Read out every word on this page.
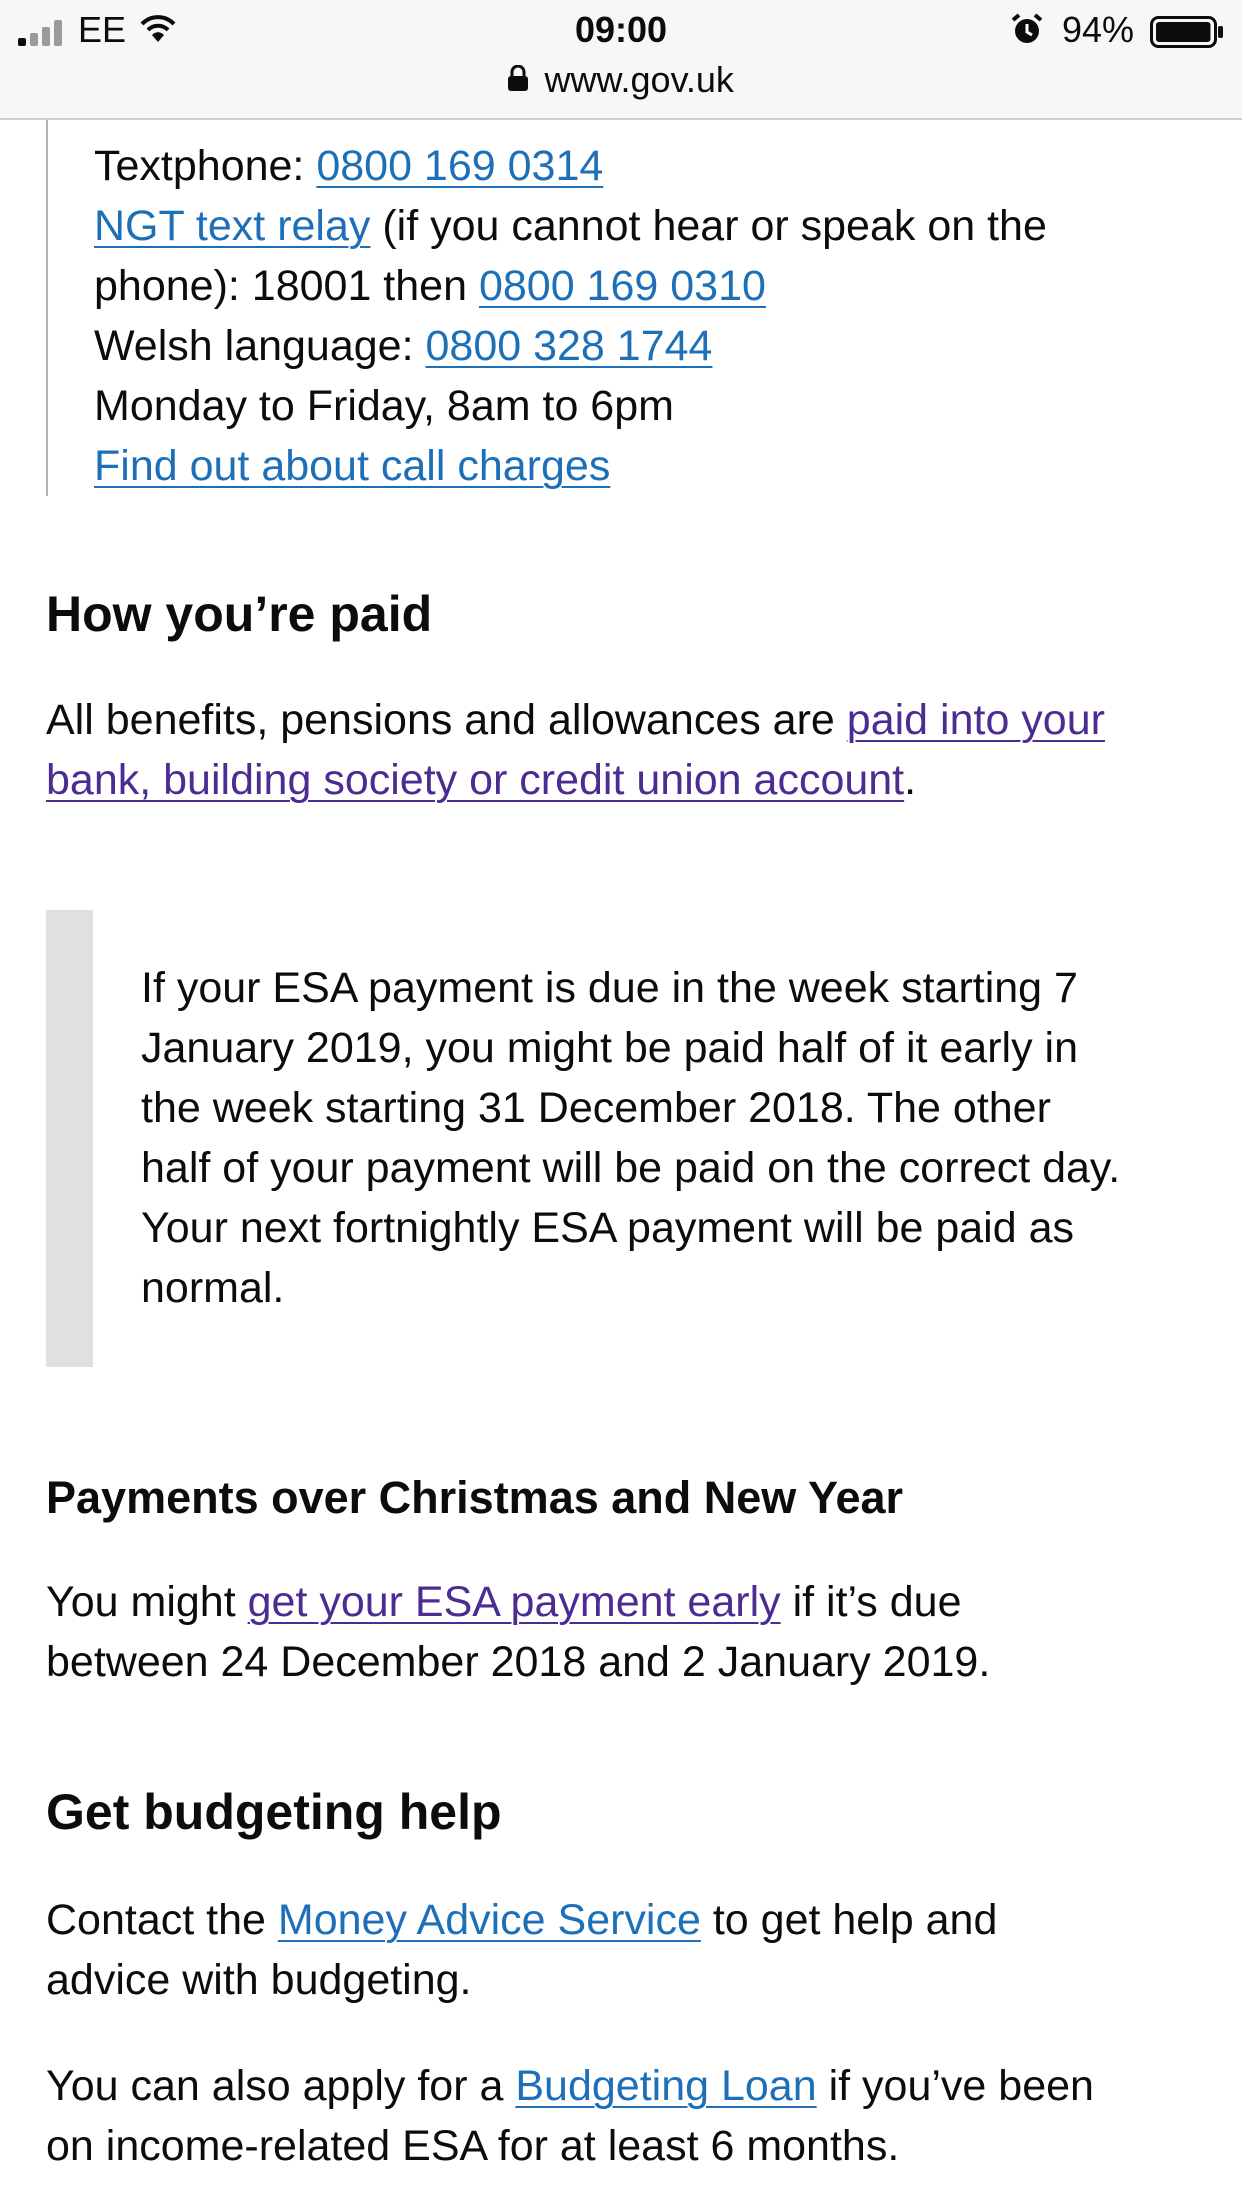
EE	09:00	94%
www.gov.uk
Textphone: 0800 169 0314
NGT text relay (if you cannot hear or speak on the
phone): 18001 then 0800 169 0310
Welsh language: 0800 328 1744
Monday to Friday, 8am to 6pm
Find out about call charges
How you’re paid

All benefits, pensions and allowances are paid into your
bank, building society or credit union account.

If your ESA payment is due in the week starting 7
January 2019, you might be paid half of it early in
the week starting 31 December 2018. The other
half of your payment will be paid on the correct day.
Your next fortnightly ESA payment will be paid as
normal.
Payments over Christmas and New Year

You might get your ESA payment early if it’s due
between 24 December 2018 and 2 January 2019.

Get budgeting help

Contact the Money Advice Service to get help and
advice with budgeting.

You can also apply for a Budgeting Loan if you’ve been
on income-related ESA for at least 6 months.
